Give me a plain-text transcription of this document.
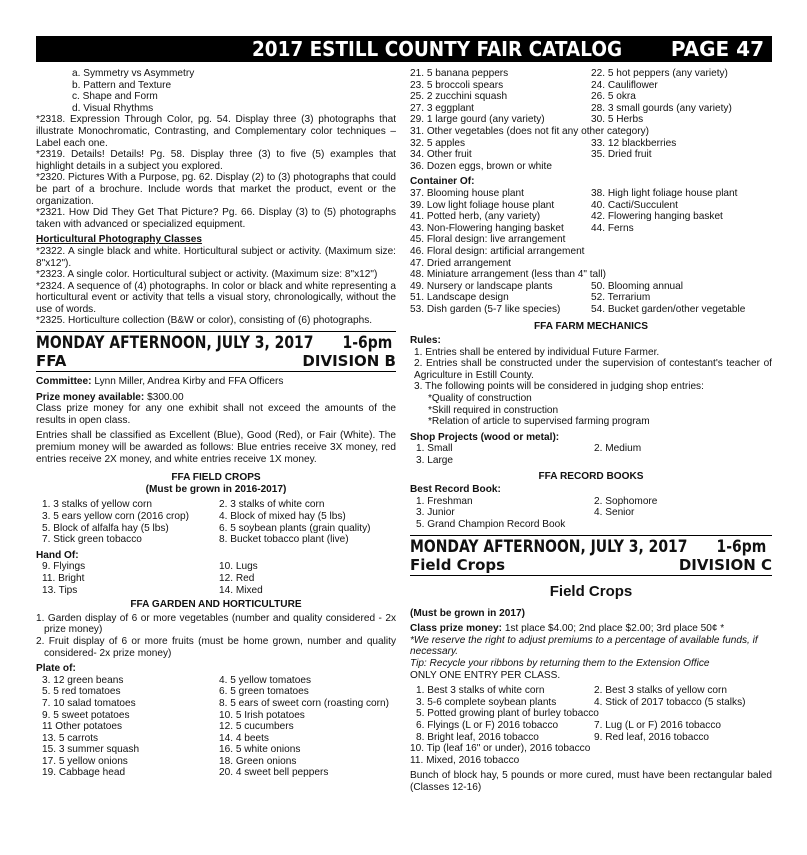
2017 ESTILL COUNTY FAIR CATALOG PAGE 47

a. Symmetry vs Asymmetry

b. Pattern and Texture

c. Shape and Form

d. Visual Rhythms

*2318. Expression Through Color, pg. 54. Display three (3) photographs that illustrate Monochromatic, Contrasting, and Complementary color techniques – Label each one.

*2319. Details! Details! Pg. 58. Display three (3) to five (5) examples that highlight details in a subject you explored.

*2320. Pictures With a Purpose, pg. 62. Display (2) to (3) photographs that could be part of a brochure. Include words that market the product, event or the organization.

*2321. How Did They Get That Picture? Pg. 66. Display (3) to (5) photographs taken with advanced or specialized equipment.

Horticultural Photography Classes

*2322. A single black and white. Horticultural subject or activity. (Maximum size: 8"x12").

*2323. A single color. Horticultural subject or activity. (Maximum size: 8"x12")

*2324. A sequence of (4) photographs. In color or black and white representing a horticultural event or activity that tells a visual story, chronologically, without the use of words.

*2325. Horticulture collection (B&W or color), consisting of (6) photographs.

MONDAY AFTERNOON, JULY 3, 2017      1-6pm
FFA	DIVISION B

Committee: Lynn Miller, Andrea Kirby and FFA Officers

Prize money available: $300.00

Class prize money for any one exhibit shall not exceed the amounts of the results in open class.

Entries shall be classified as Excellent (Blue), Good (Red), or Fair (White). The premium money will be awarded as follows: Blue entries receive 3X money, red entries receive 2X money, and white entries receive 1X money.

FFA FIELD CROPS

(Must be grown in 2016-2017)

1. 3 stalks of yellow corn	2. 3 stalks of white corn

3. 5 ears yellow corn (2016 crop)	4. Block of mixed hay (5 lbs)

5. Block of alfalfa hay (5 lbs)	6. 5 soybean plants (grain quality)

7. Stick green tobacco	8. Bucket tobacco plant (live)

Hand Of:

9. Flyings	10. Lugs

11. Bright	12. Red

13. Tips	14. Mixed

FFA GARDEN AND HORTICULTURE

1. Garden display of 6 or more vegetables (number and quality considered - 2x prize money)

2. Fruit display of 6 or more fruits (must be home grown, number and quality considered- 2x prize money)

Plate of:

3. 12 green beans	4. 5 yellow tomatoes

5. 5 red tomatoes	6. 5 green tomatoes

7. 10 salad tomatoes	8. 5 ears of sweet corn (roasting corn)

9. 5 sweet potatoes	10. 5 Irish potatoes

11 Other potatoes	12. 5 cucumbers

13. 5 carrots	14. 4 beets

15. 3 summer squash	16. 5 white onions

17. 5 yellow onions	18. Green onions

19. Cabbage head	20. 4 sweet bell peppers

21. 5 banana peppers	22. 5 hot peppers (any variety)

23. 5 broccoli spears	24. Cauliflower

25. 2 zucchini squash	26. 5 okra

27. 3 eggplant	28. 3 small gourds (any variety)

29. 1 large gourd (any variety)	30. 5 Herbs

31. Other vegetables (does not fit any other category)

32. 5 apples	33. 12 blackberries

34. Other fruit	35. Dried fruit

36. Dozen eggs, brown or white

Container Of:

37. Blooming house plant	38. High light foliage house plant

39. Low light foliage house plant	40. Cacti/Succulent

41. Potted herb, (any variety)	42. Flowering hanging basket

43. Non-Flowering hanging basket	44. Ferns

45. Floral design: live arrangement

46. Floral design: artificial arrangement

47. Dried arrangement

48. Miniature arrangement (less than 4" tall)

49. Nursery or landscape plants	50. Blooming annual

51. Landscape design	52. Terrarium

53. Dish garden (5-7 like species)	54. Bucket garden/other vegetable

FFA FARM MECHANICS

Rules:

1. Entries shall be entered by individual Future Farmer.

2. Entries shall be constructed under the supervision of contestant's teacher of Agriculture in Estill County.

3. The following points will be considered in judging shop entries:

*Quality of construction

*Skill required in construction

*Relation of article to supervised farming program

Shop Projects (wood or metal):

1. Small	2. Medium

3. Large

FFA RECORD BOOKS

Best Record Book:

1. Freshman	2. Sophomore

3. Junior	4. Senior

5. Grand Champion Record Book

MONDAY AFTERNOON, JULY 3, 2017      1-6pm
Field Crops	DIVISION C

Field Crops

(Must be grown in 2017)

Class prize money: 1st place $4.00; 2nd place $2.00; 3rd place 50¢ *

*We reserve the right to adjust premiums to a percentage of available funds, if necessary.

Tip: Recycle your ribbons by returning them to the Extension Office

ONLY ONE ENTRY PER CLASS.

1. Best 3 stalks of white corn	2. Best 3 stalks of yellow corn

3. 5-6 complete soybean plants	4. Stick of 2017 tobacco (5 stalks)

5. Potted growing plant of burley tobacco

6. Flyings (L or F) 2016 tobacco	7. Lug (L or F) 2016 tobacco

8. Bright leaf, 2016 tobacco	9. Red leaf, 2016 tobacco

10. Tip (leaf 16" or under), 2016 tobacco

11. Mixed, 2016 tobacco

Bunch of block hay, 5 pounds or more cured, must have been rectangular baled (Classes 12-16)
